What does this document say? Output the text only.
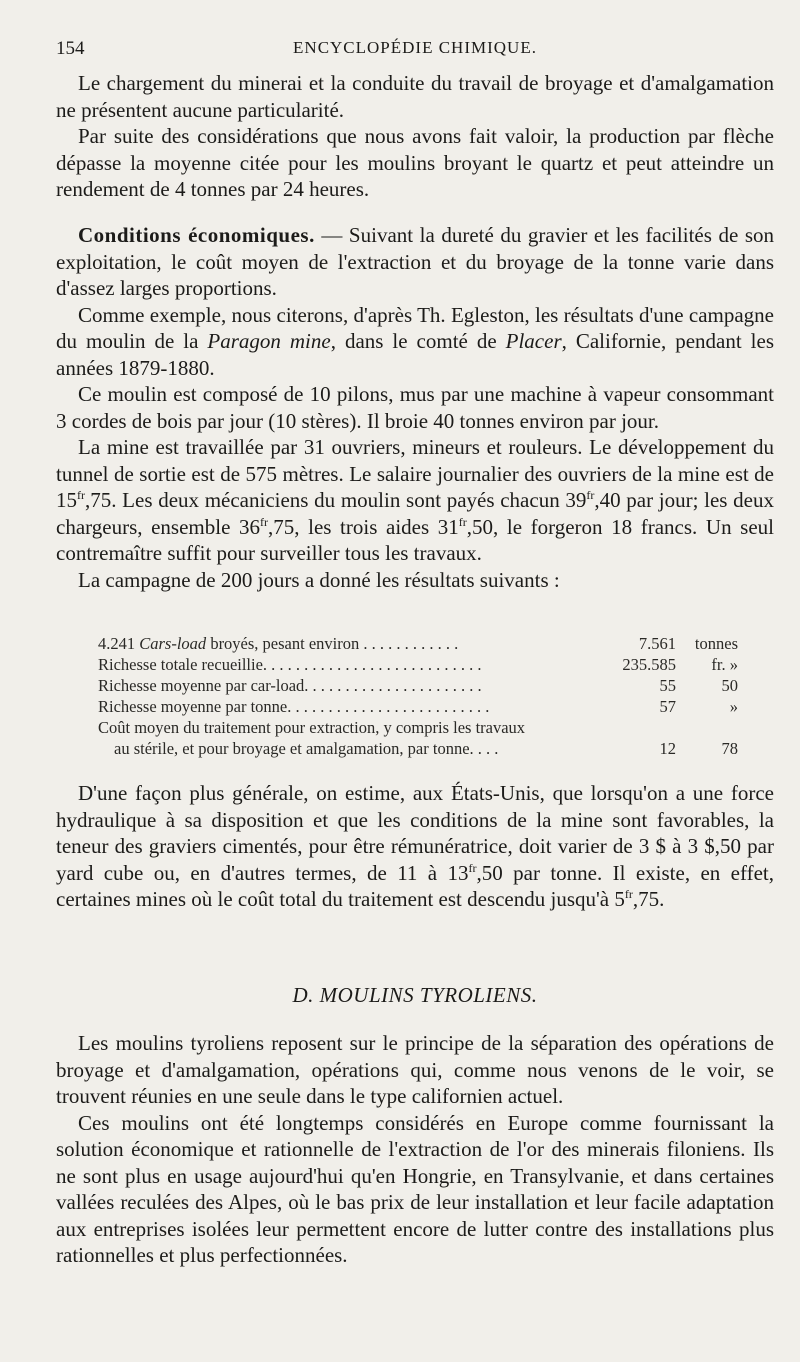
154	ENCYCLOPÉDIE CHIMIQUE.

Le chargement du minerai et la conduite du travail de broyage et d'amalgamation ne présentent aucune particularité.

Par suite des considérations que nous avons fait valoir, la production par flèche dépasse la moyenne citée pour les moulins broyant le quartz et peut atteindre un rendement de 4 tonnes par 24 heures.

Conditions économiques. — Suivant la dureté du gravier et les facilités de son exploitation, le coût moyen de l'extraction et du broyage de la tonne varie dans d'assez larges proportions.

Comme exemple, nous citerons, d'après Th. Egleston, les résultats d'une campagne du moulin de la Paragon mine, dans le comté de Placer, Californie, pendant les années 1879-1880.

Ce moulin est composé de 10 pilons, mus par une machine à vapeur consommant 3 cordes de bois par jour (10 stères). Il broie 40 tonnes environ par jour.

La mine est travaillée par 31 ouvriers, mineurs et rouleurs. Le développement du tunnel de sortie est de 575 mètres. Le salaire journalier des ouvriers de la mine est de $15^{fr},75$. Les deux mécaniciens du moulin sont payés chacun $39^{fr},40$ par jour; les deux chargeurs, ensemble $36^{fr},75$, les trois aides $31^{fr},50$, le forgeron 18 francs. Un seul contremaître suffit pour surveiller tous les travaux.

La campagne de 200 jours a donné les résultats suivants :

4.241 Cars-load broyés, pesant environ . . . . . . . . . . . .	7.561 tonnes
Richesse totale recueillie. . . . . . . . . . . . . . . . . . . . . . . . . . .	235.585 fr. »
Richesse moyenne par car-load. . . . . . . . . . . . . . . . . . . . . .	55	50
Richesse moyenne par tonne. . . . . . . . . . . . . . . . . . . . . . . . .	57	»
Coût moyen du traitement pour extraction, y compris les travaux
au stérile, et pour broyage et amalgamation, par tonne. . . .	12	78

D'une façon plus générale, on estime, aux États-Unis, que lorsqu'on a une force hydraulique à sa disposition et que les conditions de la mine sont favorables, la teneur des graviers cimentés, pour être rémunératrice, doit varier de 3 $ à 3 $,50 par yard cube ou, en d'autres termes, de 11 à $13^{fr},50$ par tonne. Il existe, en effet, certaines mines où le coût total du traitement est descendu jusqu'à $5^{fr},75$.

D. MOULINS TYROLIENS.

Les moulins tyroliens reposent sur le principe de la séparation des opérations de broyage et d'amalgamation, opérations qui, comme nous venons de le voir, se trouvent réunies en une seule dans le type californien actuel.

Ces moulins ont été longtemps considérés en Europe comme fournissant la solution économique et rationnelle de l'extraction de l'or des minerais filoniens. Ils ne sont plus en usage aujourd'hui qu'en Hongrie, en Transylvanie, et dans certaines vallées reculées des Alpes, où le bas prix de leur installation et leur facile adaptation aux entreprises isolées leur permettent encore de lutter contre des installations plus rationnelles et plus perfectionnées.
